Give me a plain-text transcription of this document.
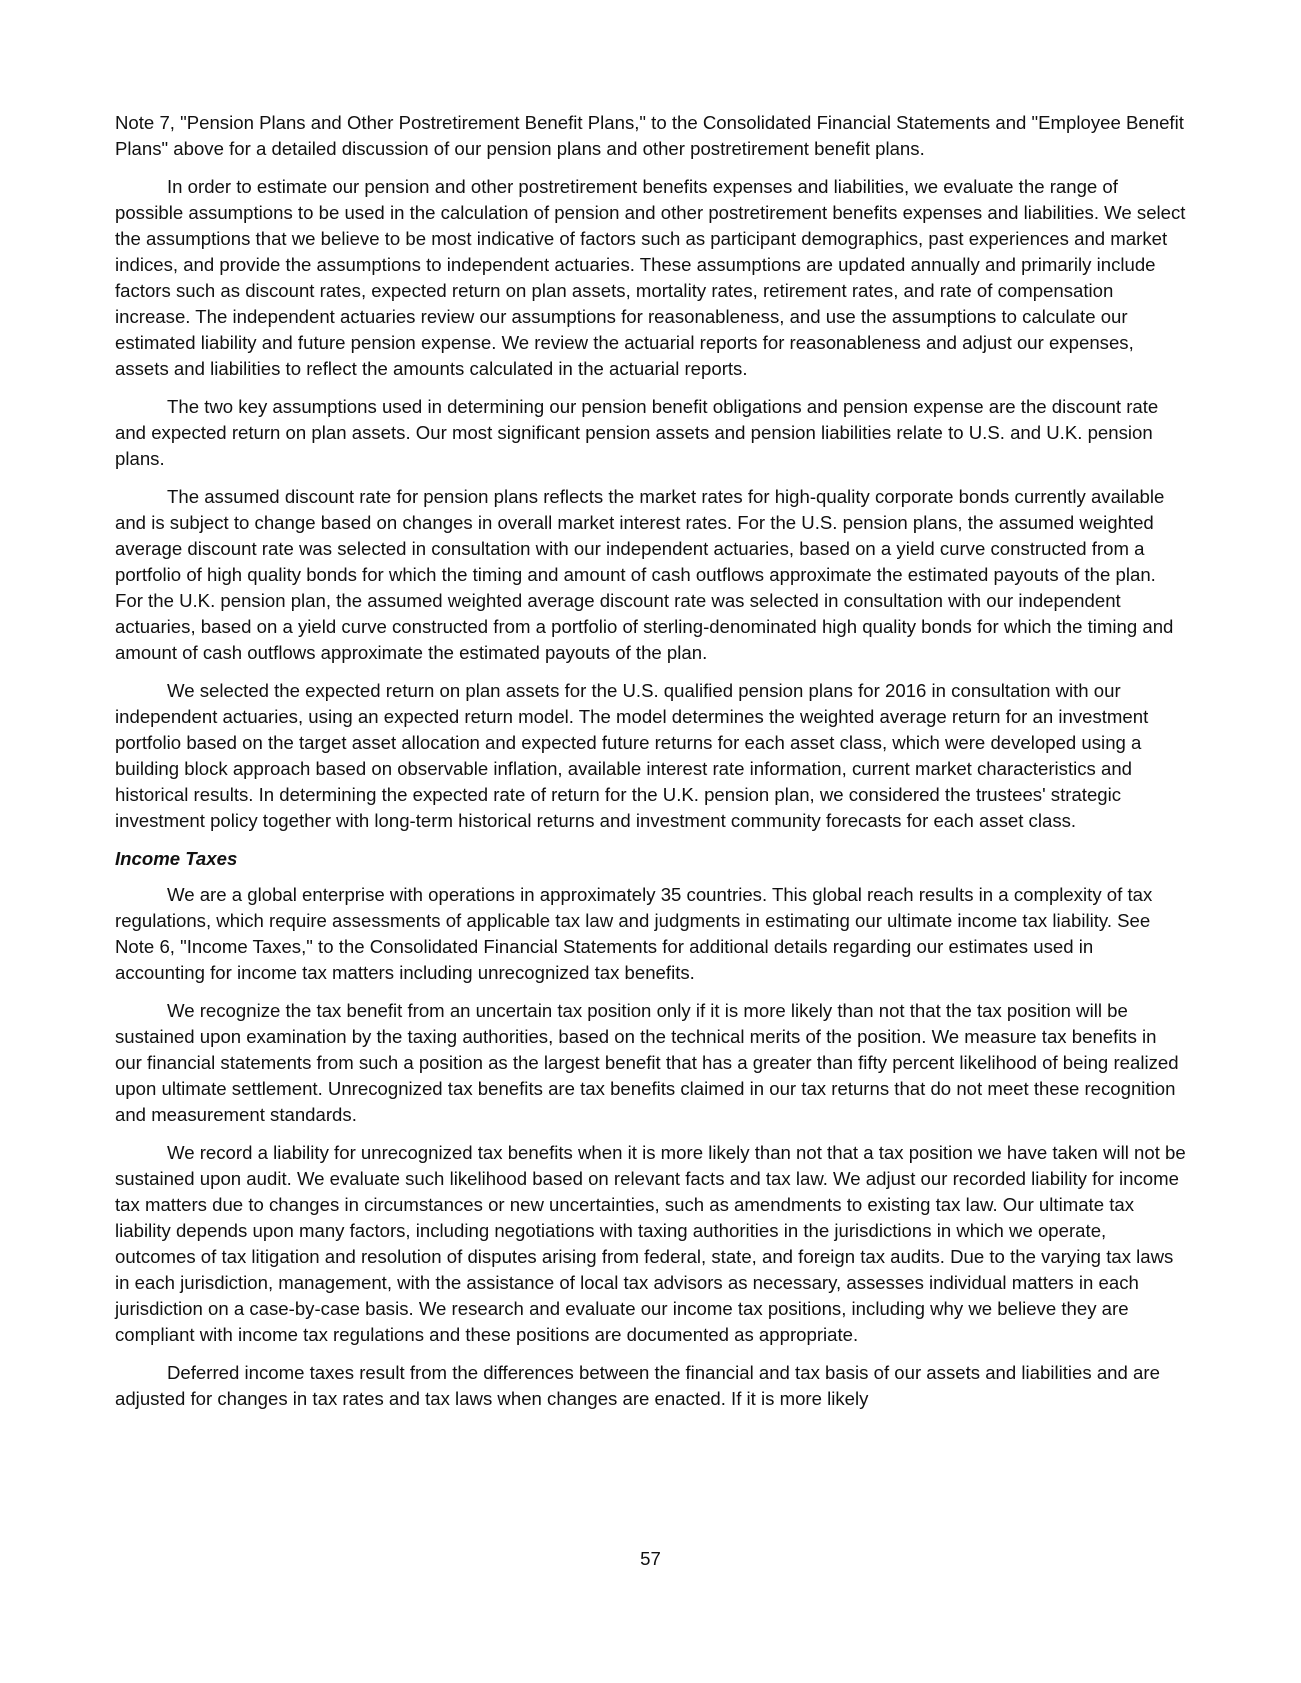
Note 7, "Pension Plans and Other Postretirement Benefit Plans," to the Consolidated Financial Statements and "Employee Benefit Plans" above for a detailed discussion of our pension plans and other postretirement benefit plans.

In order to estimate our pension and other postretirement benefits expenses and liabilities, we evaluate the range of possible assumptions to be used in the calculation of pension and other postretirement benefits expenses and liabilities. We select the assumptions that we believe to be most indicative of factors such as participant demographics, past experiences and market indices, and provide the assumptions to independent actuaries. These assumptions are updated annually and primarily include factors such as discount rates, expected return on plan assets, mortality rates, retirement rates, and rate of compensation increase. The independent actuaries review our assumptions for reasonableness, and use the assumptions to calculate our estimated liability and future pension expense. We review the actuarial reports for reasonableness and adjust our expenses, assets and liabilities to reflect the amounts calculated in the actuarial reports.

The two key assumptions used in determining our pension benefit obligations and pension expense are the discount rate and expected return on plan assets. Our most significant pension assets and pension liabilities relate to U.S. and U.K. pension plans.

The assumed discount rate for pension plans reflects the market rates for high-quality corporate bonds currently available and is subject to change based on changes in overall market interest rates. For the U.S. pension plans, the assumed weighted average discount rate was selected in consultation with our independent actuaries, based on a yield curve constructed from a portfolio of high quality bonds for which the timing and amount of cash outflows approximate the estimated payouts of the plan. For the U.K. pension plan, the assumed weighted average discount rate was selected in consultation with our independent actuaries, based on a yield curve constructed from a portfolio of sterling-denominated high quality bonds for which the timing and amount of cash outflows approximate the estimated payouts of the plan.

We selected the expected return on plan assets for the U.S. qualified pension plans for 2016 in consultation with our independent actuaries, using an expected return model. The model determines the weighted average return for an investment portfolio based on the target asset allocation and expected future returns for each asset class, which were developed using a building block approach based on observable inflation, available interest rate information, current market characteristics and historical results. In determining the expected rate of return for the U.K. pension plan, we considered the trustees' strategic investment policy together with long-term historical returns and investment community forecasts for each asset class.

Income Taxes

We are a global enterprise with operations in approximately 35 countries. This global reach results in a complexity of tax regulations, which require assessments of applicable tax law and judgments in estimating our ultimate income tax liability. See Note 6, "Income Taxes," to the Consolidated Financial Statements for additional details regarding our estimates used in accounting for income tax matters including unrecognized tax benefits.

We recognize the tax benefit from an uncertain tax position only if it is more likely than not that the tax position will be sustained upon examination by the taxing authorities, based on the technical merits of the position. We measure tax benefits in our financial statements from such a position as the largest benefit that has a greater than fifty percent likelihood of being realized upon ultimate settlement. Unrecognized tax benefits are tax benefits claimed in our tax returns that do not meet these recognition and measurement standards.

We record a liability for unrecognized tax benefits when it is more likely than not that a tax position we have taken will not be sustained upon audit. We evaluate such likelihood based on relevant facts and tax law. We adjust our recorded liability for income tax matters due to changes in circumstances or new uncertainties, such as amendments to existing tax law. Our ultimate tax liability depends upon many factors, including negotiations with taxing authorities in the jurisdictions in which we operate, outcomes of tax litigation and resolution of disputes arising from federal, state, and foreign tax audits. Due to the varying tax laws in each jurisdiction, management, with the assistance of local tax advisors as necessary, assesses individual matters in each jurisdiction on a case-by-case basis. We research and evaluate our income tax positions, including why we believe they are compliant with income tax regulations and these positions are documented as appropriate.

Deferred income taxes result from the differences between the financial and tax basis of our assets and liabilities and are adjusted for changes in tax rates and tax laws when changes are enacted. If it is more likely

57
